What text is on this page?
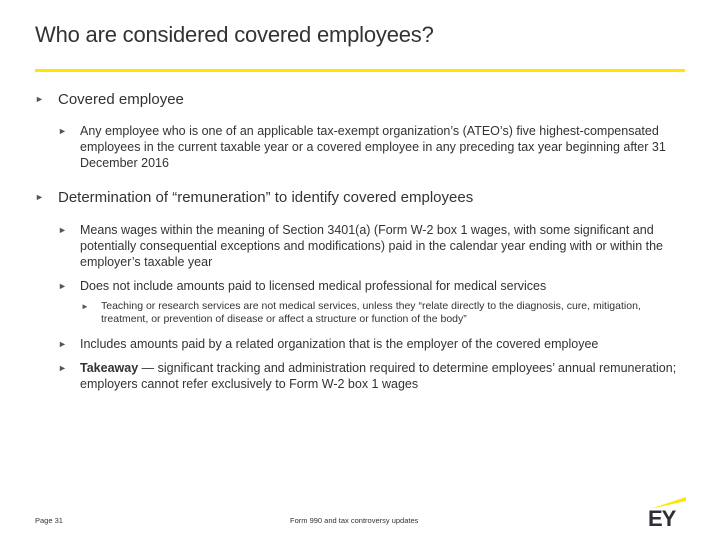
Who are considered covered employees?
► Covered employee
► Any employee who is one of an applicable tax-exempt organization’s (ATEO’s) five highest-compensated employees in the current taxable year or a covered employee in any preceding tax year beginning after 31 December 2016
► Determination of “remuneration” to identify covered employees
► Means wages within the meaning of Section 3401(a) (Form W-2 box 1 wages, with some significant and potentially consequential exceptions and modifications) paid in the calendar year ending with or within the employer’s taxable year
► Does not include amounts paid to licensed medical professional for medical services
► Teaching or research services are not medical services, unless they “relate directly to the diagnosis, cure, mitigation, treatment, or prevention of disease or affect a structure or function of the body”
► Includes amounts paid by a related organization that is the employer of the covered employee
► Takeaway — significant tracking and administration required to determine employees’ annual remuneration; employers cannot refer exclusively to Form W-2 box 1 wages
Page 31	Form 990 and tax controversy updates	EY
